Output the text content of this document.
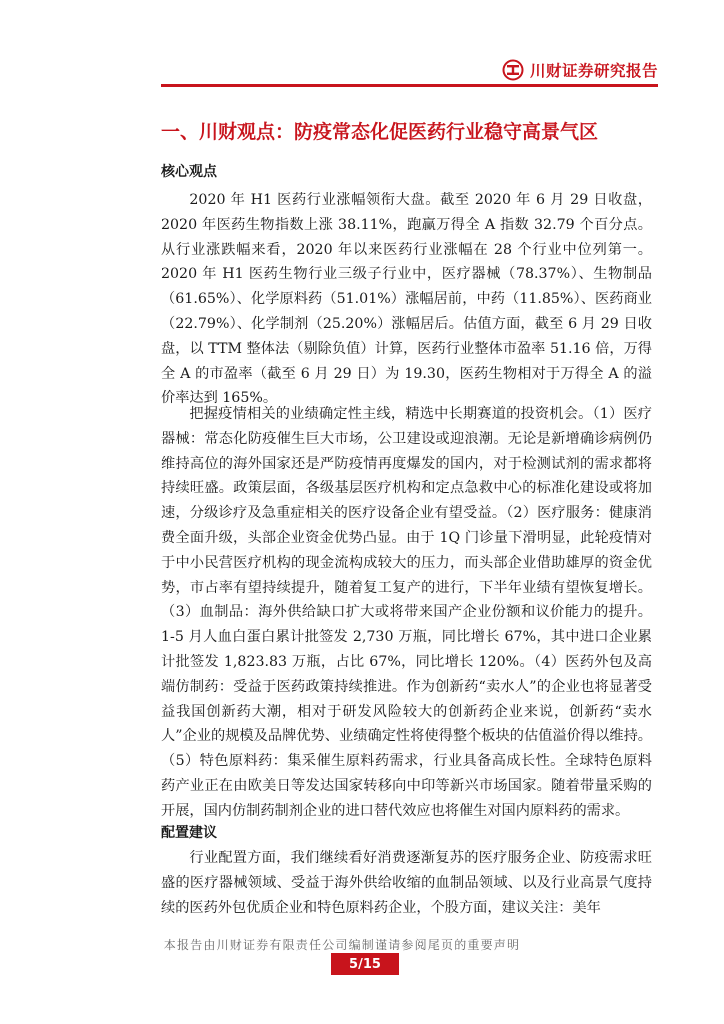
川财证券研究报告
一、川财观点：防疫常态化促医药行业稳守高景气区
核心观点

2020 年 H1 医药行业涨幅领衔大盘。截至 2020 年 6 月 29 日收盘，2020 年医药生物指数上涨 38.11%，跑赢万得全 A 指数 32.79 个百分点。从行业涨跌幅来看，2020 年以来医药行业涨幅在 28 个行业中位列第一。2020 年 H1 医药生物行业三级子行业中，医疗器械（78.37%）、生物制品（61.65%）、化学原料药（51.01%）涨幅居前，中药（11.85%）、医药商业（22.79%）、化学制剂（25.20%）涨幅居后。估值方面，截至 6 月 29 日收盘，以 TTM 整体法（剔除负值）计算，医药行业整体市盈率 51.16 倍，万得全 A 的市盈率（截至 6 月 29 日）为 19.30，医药生物相对于万得全 A 的溢价率达到 165%。

把握疫情相关的业绩确定性主线，精选中长期赛道的投资机会。（1）医疗器械：常态化防疫催生巨大市场，公卫建设或迎浪潮。无论是新增确诊病例仍维持高位的海外国家还是严防疫情再度爆发的国内，对于检测试剂的需求都将持续旺盛。政策层面，各级基层医疗机构和定点急救中心的标准化建设或将加速，分级诊疗及急重症相关的医疗设备企业有望受益。（2）医疗服务：健康消费全面升级，头部企业资金优势凸显。由于 1Q 门诊量下滑明显，此轮疫情对于中小民营医疗机构的现金流构成较大的压力，而头部企业借助雄厚的资金优势，市占率有望持续提升，随着复工复产的进行，下半年业绩有望恢复增长。（3）血制品：海外供给缺口扩大或将带来国产企业份额和议价能力的提升。1-5 月人血白蛋白累计批签发 2,730 万瓶，同比增长 67%，其中进口企业累计批签发 1,823.83 万瓶，占比 67%，同比增长 120%。（4）医药外包及高端仿制药：受益于医药政策持续推进。作为创新药“卖水人”的企业也将显著受益我国创新药大潮，相对于研发风险较大的创新药企业来说，创新药“卖水人”企业的规模及品牌优势、业绩确定性将使得整个板块的估值溢价得以维持。（5）特色原料药：集采催生原料药需求，行业具备高成长性。全球特色原料药产业正在由欧美日等发达国家转移向中印等新兴市场国家。随着带量采购的开展，国内仿制药制剂企业的进口替代效应也将催生对国内原料药的需求。

配置建议

行业配置方面，我们继续看好消费逐渐复苏的医疗服务企业、防疫需求旺盛的医疗器械领域、受益于海外供给收缩的血制品领域、以及行业高景气度持续的医药外包优质企业和特色原料药企业，个股方面，建议关注：美年

本报告由川财证券有限责任公司编制谨请参阅尾页的重要声明
5/15
